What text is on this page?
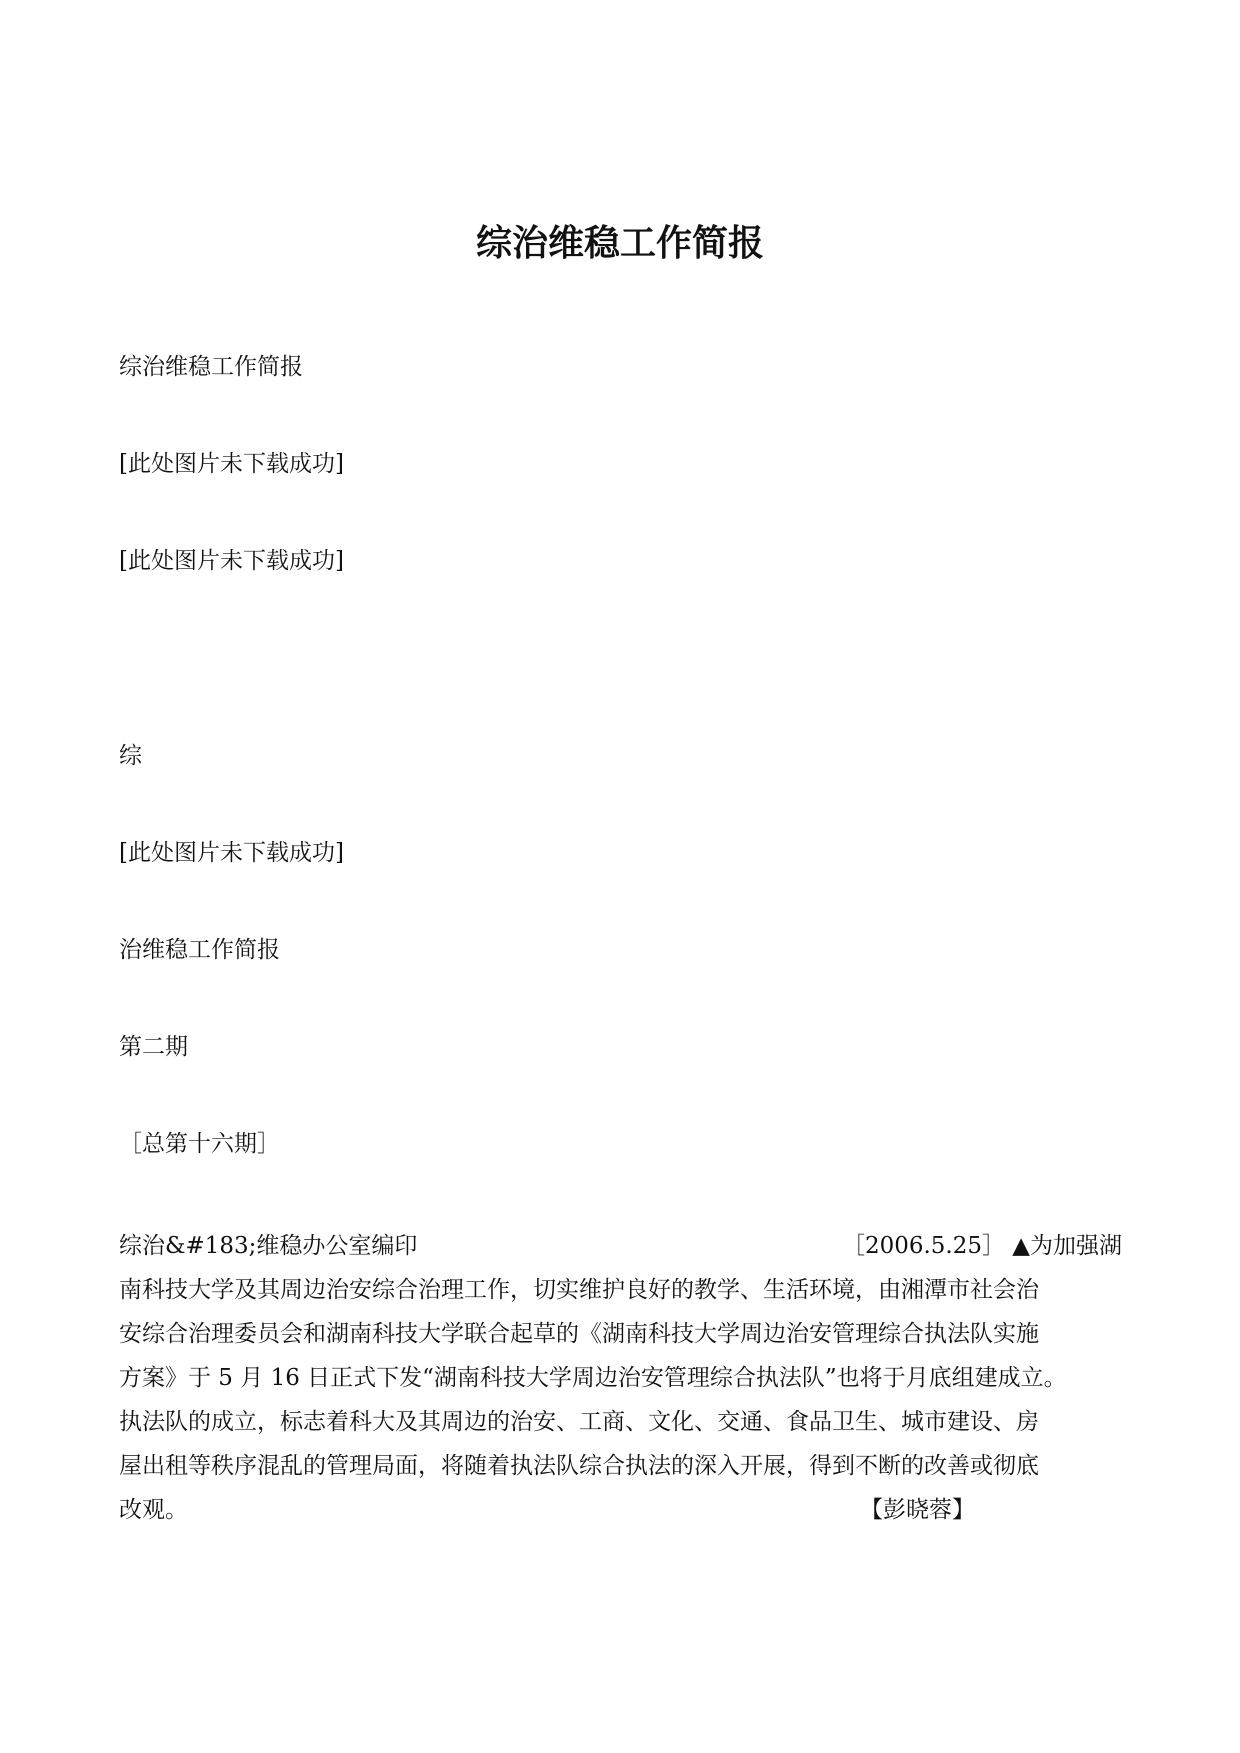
综治维稳工作简报
综治维稳工作简报
[此处图片未下载成功]
[此处图片未下载成功]
综
[此处图片未下载成功]
治维稳工作简报
第二期
［总第十六期］
综治&#183;维稳办公室编印	［2006.5.25］ ▲为加强湖
南科技大学及其周边治安综合治理工作，切实维护良好的教学、生活环境，由湘潭市社会治
安综合治理委员会和湖南科技大学联合起草的《湖南科技大学周边治安管理综合执法队实施
方案》于 5 月 16 日正式下发“湖南科技大学周边治安管理综合执法队”也将于月底组建成立。
执法队的成立，标志着科大及其周边的治安、工商、文化、交通、食品卫生、城市建设、房
屋出租等秩序混乱的管理局面，将随着执法队综合执法的深入开展，得到不断的改善或彻底
改观。	【彭晓蓉】
